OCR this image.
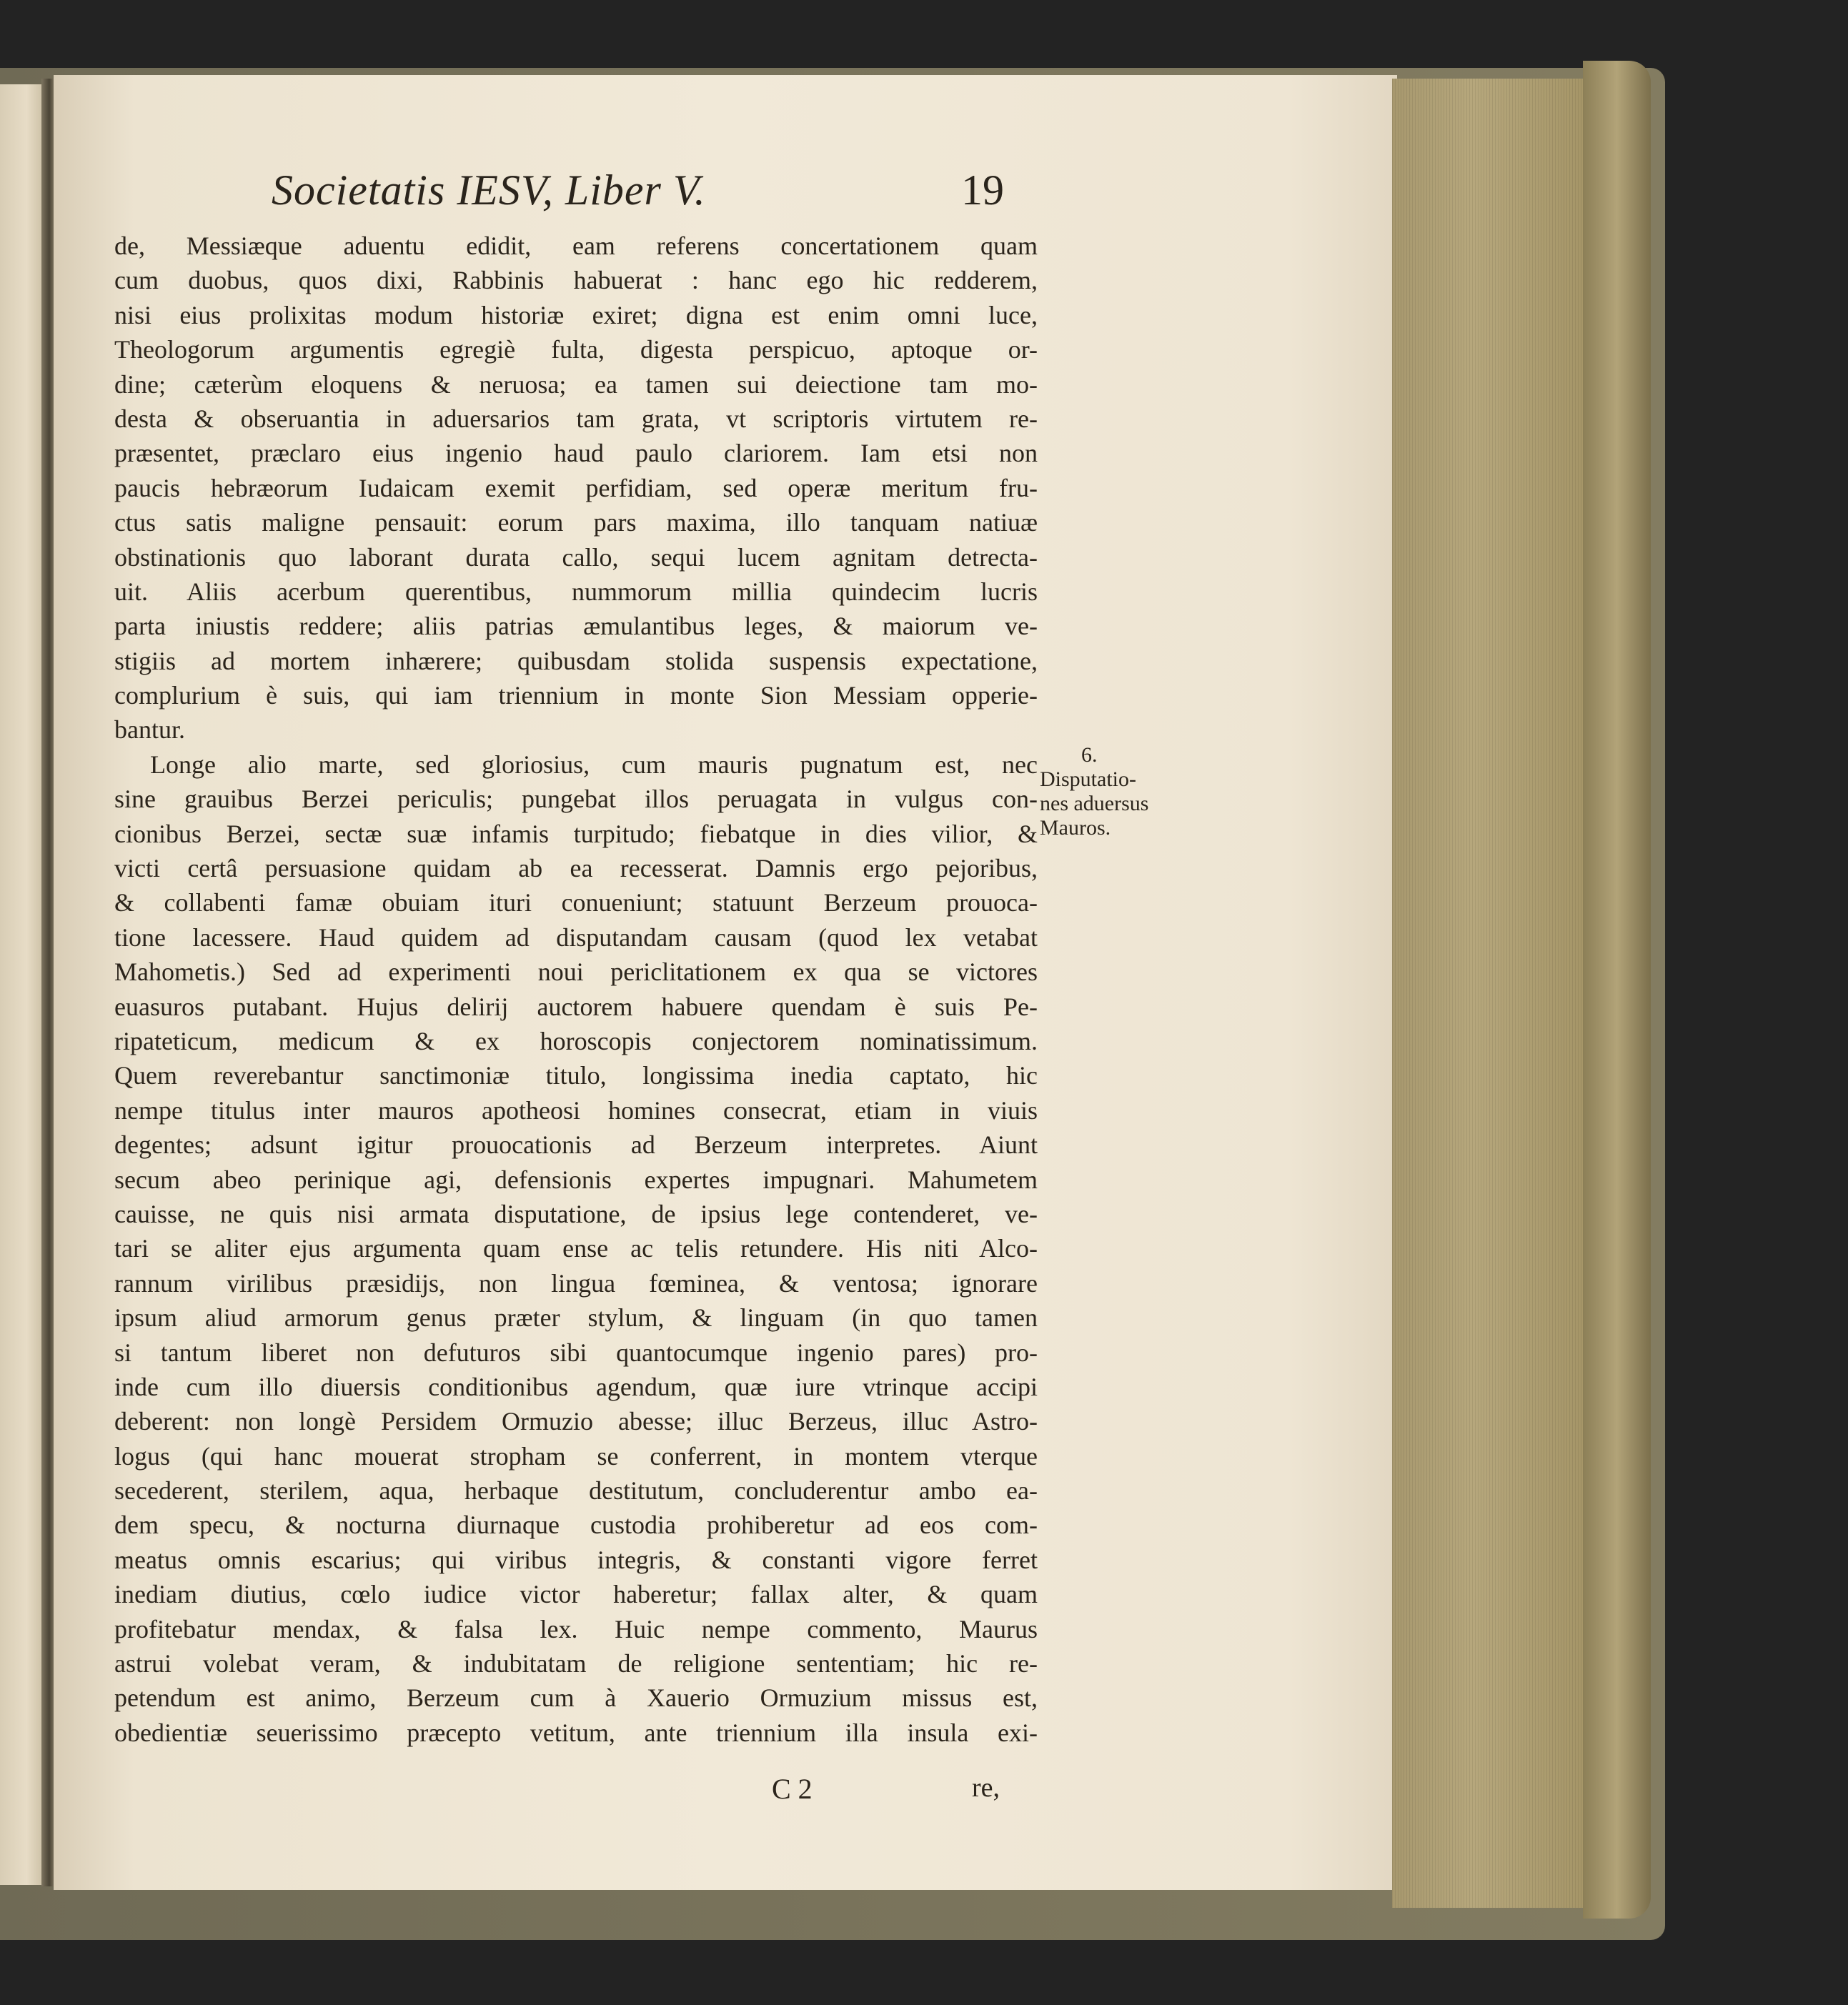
Societatis IESV, Liber V.	19
de, Messiæque aduentu edidit, eam referens concertationem quam
cum duobus, quos dixi, Rabbinis habuerat : hanc ego hic redderem,
nisi eius prolixitas modum historiæ exiret; digna est enim omni luce,
Theologorum argumentis egregiè fulta, digesta perspicuo, aptoque or-
dine; cæterùm eloquens & neruosa; ea tamen sui deiectione tam mo-
desta & obseruantia in aduersarios tam grata, vt scriptoris virtutem re-
præsentet, præclaro eius ingenio haud paulo clariorem. Iam etsi non
paucis hebræorum Iudaicam exemit perfidiam, sed operæ meritum fru-
ctus satis maligne pensauit: eorum pars maxima, illo tanquam natiuæ
obstinationis quo laborant durata callo, sequi lucem agnitam detrecta-
uit. Aliis acerbum querentibus, nummorum millia quindecim lucris
parta iniustis reddere; aliis patrias æmulantibus leges, & maiorum ve-
stigiis ad mortem inhærere; quibusdam stolida suspensis expectatione,
complurium è suis, qui iam triennium in monte Sion Messiam opperie-
bantur.
Longe alio marte, sed gloriosius, cum mauris pugnatum est, nec
sine grauibus Berzei periculis; pungebat illos peruagata in vulgus con-
cionibus Berzei, sectæ suæ infamis turpitudo; fiebatque in dies vilior, &
victi certâ persuasione quidam ab ea recesserat. Damnis ergo pejoribus,
& collabenti famæ obuiam ituri conueniunt; statuunt Berzeum prouoca-
tione lacessere. Haud quidem ad disputandam causam (quod lex vetabat
Mahometis.) Sed ad experimenti noui periclitationem ex qua se victores
euasuros putabant. Hujus delirij auctorem habuere quendam è suis Pe-
ripateticum, medicum & ex horoscopis conjectorem nominatissimum.
Quem reverebantur sanctimoniæ titulo, longissima inedia captato, hic
nempe titulus inter mauros apotheosi homines consecrat, etiam in viuis
degentes; adsunt igitur prouocationis ad Berzeum interpretes. Aiunt
secum abeo perinique agi, defensionis expertes impugnari. Mahumetem
cauisse, ne quis nisi armata disputatione, de ipsius lege contenderet, ve-
tari se aliter ejus argumenta quam ense ac telis retundere. His niti Alco-
rannum virilibus præsidijs, non lingua fœminea, & ventosa; ignorare
ipsum aliud armorum genus præter stylum, & linguam (in quo tamen
si tantum liberet non defuturos sibi quantocumque ingenio pares) pro-
inde cum illo diuersis conditionibus agendum, quæ iure vtrinque accipi
deberent: non longè Persidem Ormuzio abesse; illuc Berzeus, illuc Astro-
logus (qui hanc mouerat stropham se conferrent, in montem vterque
secederent, sterilem, aqua, herbaque destitutum, concluderentur ambo ea-
dem specu, & nocturna diurnaque custodia prohiberetur ad eos com-
meatus omnis escarius; qui viribus integris, & constanti vigore ferret
inediam diutius, cœlo iudice victor haberetur; fallax alter, & quam
profitebatur mendax, & falsa lex. Huic nempe commento, Maurus
astrui volebat veram, & indubitatam de religione sententiam; hic re-
petendum est animo, Berzeum cum à Xauerio Ormuzium missus est,
obedientiæ seuerissimo præcepto vetitum, ante triennium illa insula exi-
6.
Disputatio-
nes aduersus
Mauros.
C 2	re,
